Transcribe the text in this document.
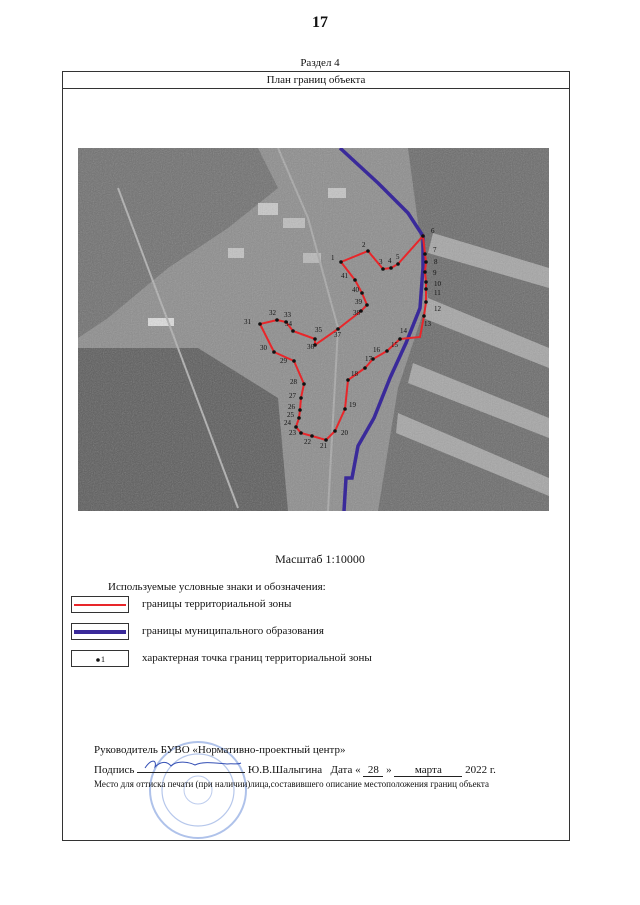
17
Раздел 4
План границ объекта
1
2
3 4 5
6
7
8
9
10
11
12
13
14
15
16
17
18
19
20
21
22
23
24
25
26
27
28
29
30
31
32 33
34
35
36
37
38
39
40
41
Масштаб 1:10000
Используемые условные знаки и обозначения:
границы территориальной зоны
границы муниципального образования
1	характерная точка границ территориальной зоны
Руководитель БУВО «Нормативно-проектный центр»
Подпись	Ю.В.Шалыгина Дата « 28 » марта 2022 г.
Место для оттиска печати (при наличии)лица,составившего описание местоположения границ объекта
